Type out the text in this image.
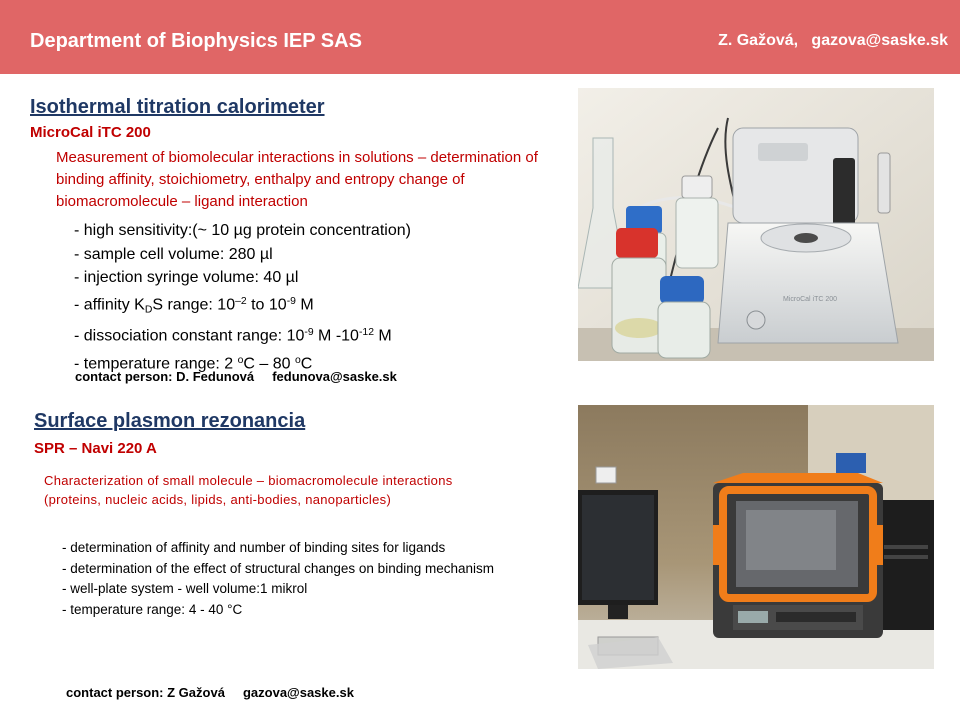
Department of Biophysics IEP SAS	Z. Gažová,   gazova@saske.sk
Isothermal titration calorimeter
MicroCal iTC 200
Measurement of biomolecular interactions in solutions – determination of binding affinity, stoichiometry, enthalpy and entropy change of biomacromolecule – ligand interaction
- high sensitivity:(~ 10 µg protein concentration)
- sample cell volume: 280 µl
- injection syringe volume: 40 µl
- affinity $K_DS$ range: $10^{-2}$ to $10^{-9}$ M
- dissociation constant range: $10^{-9}$ M $-10^{-12}$ M
- temperature range: 2 $^o$C – 80 $^o$C
contact person: D. Fedunová     fedunova@saske.sk
MicroCal iTC 200
Surface plasmon rezonancia
SPR – Navi 220 A
Characterization of small molecule – biomacromolecule interactions (proteins, nucleic acids, lipids, anti-bodies, nanoparticles)
- determination of affinity and number of binding sites for ligands
- determination of the effect of structural changes on binding mechanism
- well-plate system - well volume:1 mikrol
- temperature range: 4 - 40 °C
contact person: Z Gažová     gazova@saske.sk
